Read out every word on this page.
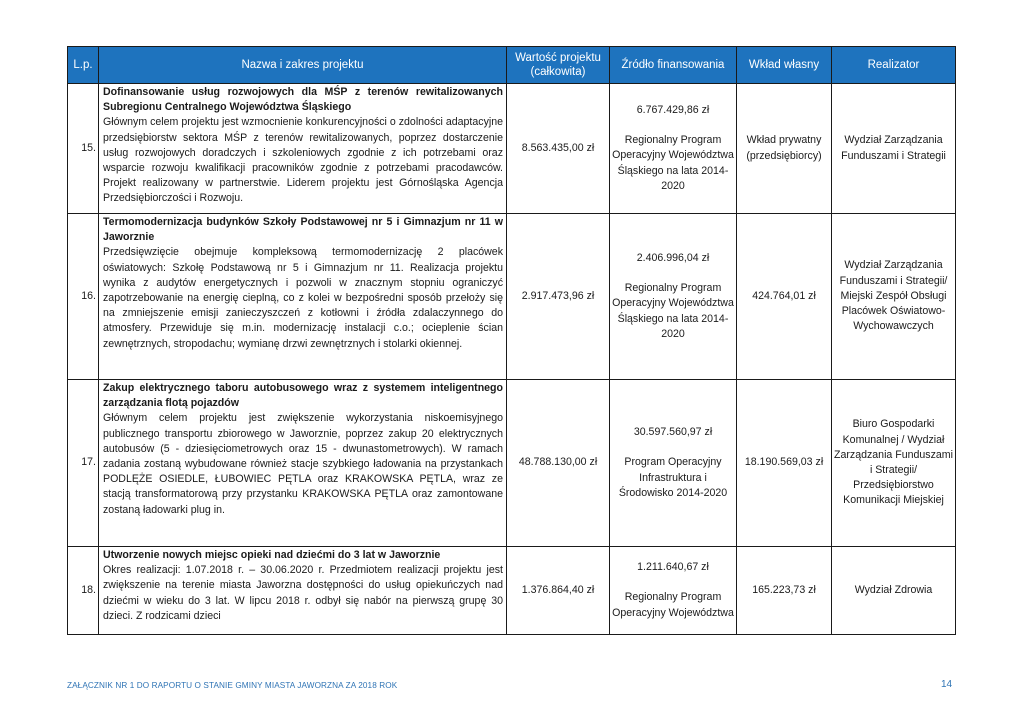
L.p.	Nazwa i zakres projektu	Wartość projektu (całkowita)	Źródło finansowania	Wkład własny	Realizator
15.	Dofinansowanie usług rozwojowych dla MŚP z terenów rewitalizowanych Subregionu Centralnego Województwa Śląskiego
Głównym celem projektu jest wzmocnienie konkurencyjności o zdolności adaptacyjne przedsiębiorstw sektora MŚP z terenów rewitalizowanych, poprzez dostarczenie usług rozwojowych doradczych i szkoleniowych zgodnie z ich potrzebami oraz wsparcie rozwoju kwalifikacji pracowników zgodnie z potrzebami pracodawców. Projekt realizowany w partnerstwie. Liderem projektu jest Górnośląska Agencja Przedsiębiorczości i Rozwoju.	8.563.435,00 zł	6.767.429,86 zł
Regionalny Program Operacyjny Województwa Śląskiego na lata 2014-2020	Wkład prywatny (przedsiębiorcy)	Wydział Zarządzania Funduszami i Strategii
16.	Termomodernizacja budynków Szkoły Podstawowej nr 5 i Gimnazjum nr 11 w Jaworznie
Przedsięwzięcie obejmuje kompleksową termomodernizację 2 placówek oświatowych: Szkołę Podstawową nr 5 i Gimnazjum nr 11. Realizacja projektu wynika z audytów energetycznych i pozwoli w znacznym stopniu ograniczyć zapotrzebowanie na energię cieplną, co z kolei w bezpośredni sposób przełoży się na zmniejszenie emisji zanieczyszczeń z kotłowni i źródła zdalaczynnego do atmosfery. Przewiduje się m.in. modernizację instalacji c.o.; ocieplenie ścian zewnętrznych, stropodachu; wymianę drzwi zewnętrznych i stolarki okiennej.	2.917.473,96 zł	2.406.996,04 zł
Regionalny Program Operacyjny Województwa Śląskiego na lata 2014-2020	424.764,01 zł	Wydział Zarządzania Funduszami i Strategii/ Miejski Zespół Obsługi Placówek Oświatowo-Wychowawczych
17.	Zakup elektrycznego taboru autobusowego wraz z systemem inteligentnego zarządzania flotą pojazdów
Głównym celem projektu jest zwiększenie wykorzystania niskoemisyjnego publicznego transportu zbiorowego w Jaworznie, poprzez zakup 20 elektrycznych autobusów (5 - dziesięciometrowych oraz 15 - dwunastometrowych). W ramach zadania zostaną wybudowane również stacje szybkiego ładowania na przystankach PODLĘŻE OSIEDLE, ŁUBOWIEC PĘTLA oraz KRAKOWSKA PĘTLA, wraz ze stacją transformatorową przy przystanku KRAKOWSKA PĘTLA oraz zamontowane zostaną ładowarki plug in.	48.788.130,00 zł	30.597.560,97 zł
Program Operacyjny Infrastruktura i Środowisko 2014-2020	18.190.569,03 zł	Biuro Gospodarki Komunalnej / Wydział Zarządzania Funduszami i Strategii/ Przedsiębiorstwo Komunikacji Miejskiej
18.	Utworzenie nowych miejsc opieki nad dziećmi do 3 lat w Jaworznie
Okres realizacji: 1.07.2018 r. – 30.06.2020 r. Przedmiotem realizacji projektu jest zwiększenie na terenie miasta Jaworzna dostępności do usług opiekuńczych nad dziećmi w wieku do 3 lat. W lipcu 2018 r. odbył się nabór na pierwszą grupę 30 dzieci. Z rodzicami dzieci	1.376.864,40 zł	1.211.640,67 zł
Regionalny Program Operacyjny Województwa	165.223,73 zł	Wydział Zdrowia
ZAŁĄCZNIK NR 1 DO RAPORTU O STANIE GMINY MIASTA JAWORZNA ZA 2018 ROK	14
